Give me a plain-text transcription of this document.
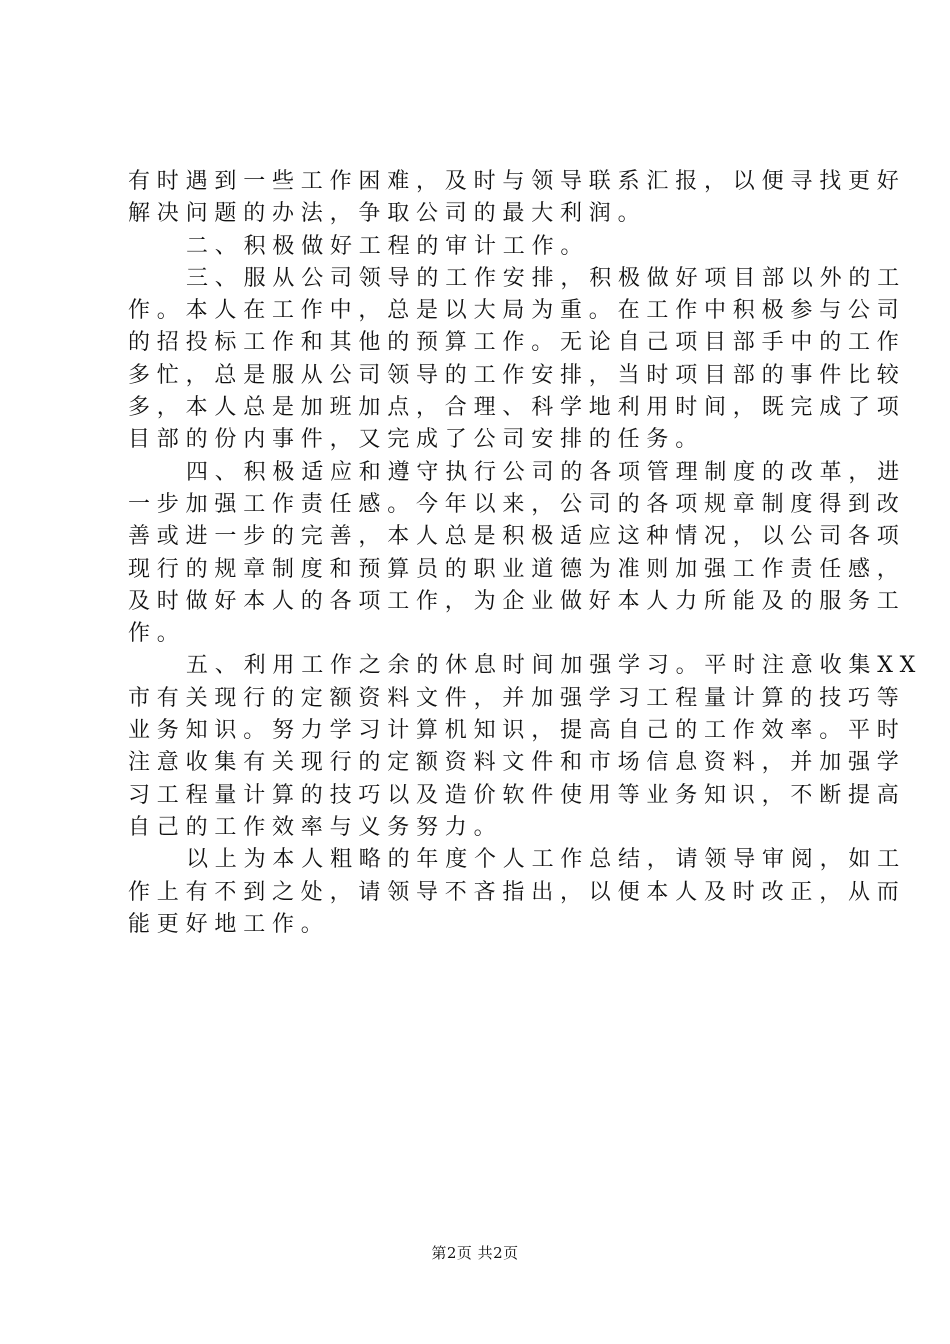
有时遇到一些工作困难，及时与领导联系汇报，以便寻找更好
解决问题的办法，争取公司的最大利润。
二、积极做好工程的审计工作。
三、服从公司领导的工作安排，积极做好项目部以外的工
作。本人在工作中，总是以大局为重。在工作中积极参与公司
的招投标工作和其他的预算工作。无论自己项目部手中的工作
多忙，总是服从公司领导的工作安排，当时项目部的事件比较
多，本人总是加班加点，合理、科学地利用时间，既完成了项
目部的份内事件，又完成了公司安排的任务。
四、积极适应和遵守执行公司的各项管理制度的改革，进
一步加强工作责任感。今年以来，公司的各项规章制度得到改
善或进一步的完善，本人总是积极适应这种情况，以公司各项
现行的规章制度和预算员的职业道德为准则加强工作责任感，
及时做好本人的各项工作，为企业做好本人力所能及的服务工
作。
五、利用工作之余的休息时间加强学习。平时注意收集XX
市有关现行的定额资料文件，并加强学习工程量计算的技巧等
业务知识。努力学习计算机知识，提高自己的工作效率。平时
注意收集有关现行的定额资料文件和市场信息资料，并加强学
习工程量计算的技巧以及造价软件使用等业务知识，不断提高
自己的工作效率与义务努力。
以上为本人粗略的年度个人工作总结，请领导审阅，如工
作上有不到之处，请领导不吝指出，以便本人及时改正，从而
能更好地工作。
第2页 共2页
